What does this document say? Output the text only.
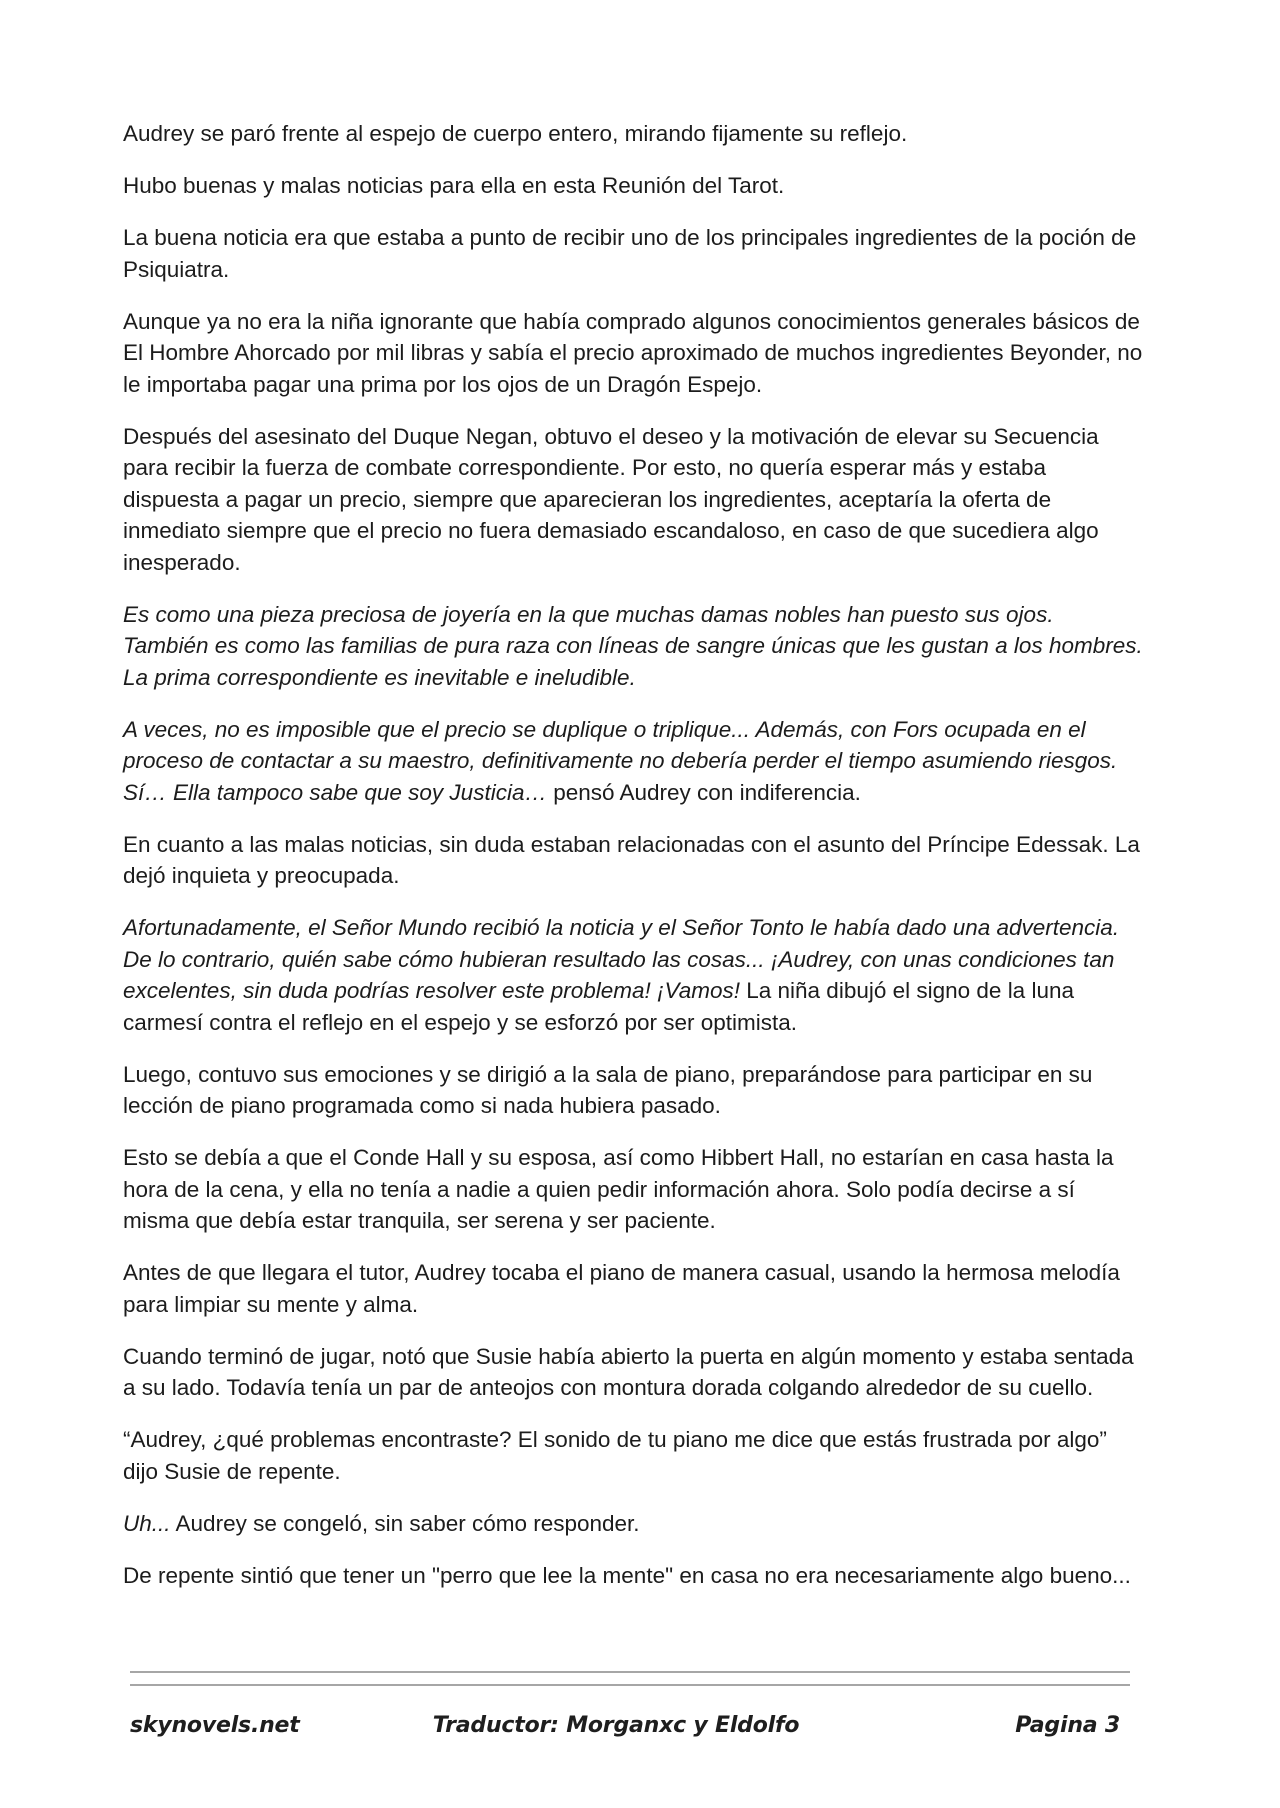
Audrey se paró frente al espejo de cuerpo entero, mirando fijamente su reflejo.

Hubo buenas y malas noticias para ella en esta Reunión del Tarot.

La buena noticia era que estaba a punto de recibir uno de los principales ingredientes de la poción de Psiquiatra.

Aunque ya no era la niña ignorante que había comprado algunos conocimientos generales básicos de El Hombre Ahorcado por mil libras y sabía el precio aproximado de muchos ingredientes Beyonder, no le importaba pagar una prima por los ojos de un Dragón Espejo.

Después del asesinato del Duque Negan, obtuvo el deseo y la motivación de elevar su Secuencia para recibir la fuerza de combate correspondiente. Por esto, no quería esperar más y estaba dispuesta a pagar un precio, siempre que aparecieran los ingredientes, aceptaría la oferta de inmediato siempre que el precio no fuera demasiado escandaloso, en caso de que sucediera algo inesperado.

Es como una pieza preciosa de joyería en la que muchas damas nobles han puesto sus ojos. También es como las familias de pura raza con líneas de sangre únicas que les gustan a los hombres. La prima correspondiente es inevitable e ineludible.

A veces, no es imposible que el precio se duplique o triplique... Además, con Fors ocupada en el proceso de contactar a su maestro, definitivamente no debería perder el tiempo asumiendo riesgos. Sí… Ella tampoco sabe que soy Justicia… pensó Audrey con indiferencia.

En cuanto a las malas noticias, sin duda estaban relacionadas con el asunto del Príncipe Edessak. La dejó inquieta y preocupada.

Afortunadamente, el Señor Mundo recibió la noticia y el Señor Tonto le había dado una advertencia. De lo contrario, quién sabe cómo hubieran resultado las cosas... ¡Audrey, con unas condiciones tan excelentes, sin duda podrías resolver este problema! ¡Vamos! La niña dibujó el signo de la luna carmesí contra el reflejo en el espejo y se esforzó por ser optimista.

Luego, contuvo sus emociones y se dirigió a la sala de piano, preparándose para participar en su lección de piano programada como si nada hubiera pasado.

Esto se debía a que el Conde Hall y su esposa, así como Hibbert Hall, no estarían en casa hasta la hora de la cena, y ella no tenía a nadie a quien pedir información ahora. Solo podía decirse a sí misma que debía estar tranquila, ser serena y ser paciente.

Antes de que llegara el tutor, Audrey tocaba el piano de manera casual, usando la hermosa melodía para limpiar su mente y alma.

Cuando terminó de jugar, notó que Susie había abierto la puerta en algún momento y estaba sentada a su lado. Todavía tenía un par de anteojos con montura dorada colgando alrededor de su cuello.

“Audrey, ¿qué problemas encontraste? El sonido de tu piano me dice que estás frustrada por algo” dijo Susie de repente.

Uh... Audrey se congeló, sin saber cómo responder.

De repente sintió que tener un "perro que lee la mente" en casa no era necesariamente algo bueno...

skynovels.net	Traductor: Morganxc y Eldolfo	Pagina 3
